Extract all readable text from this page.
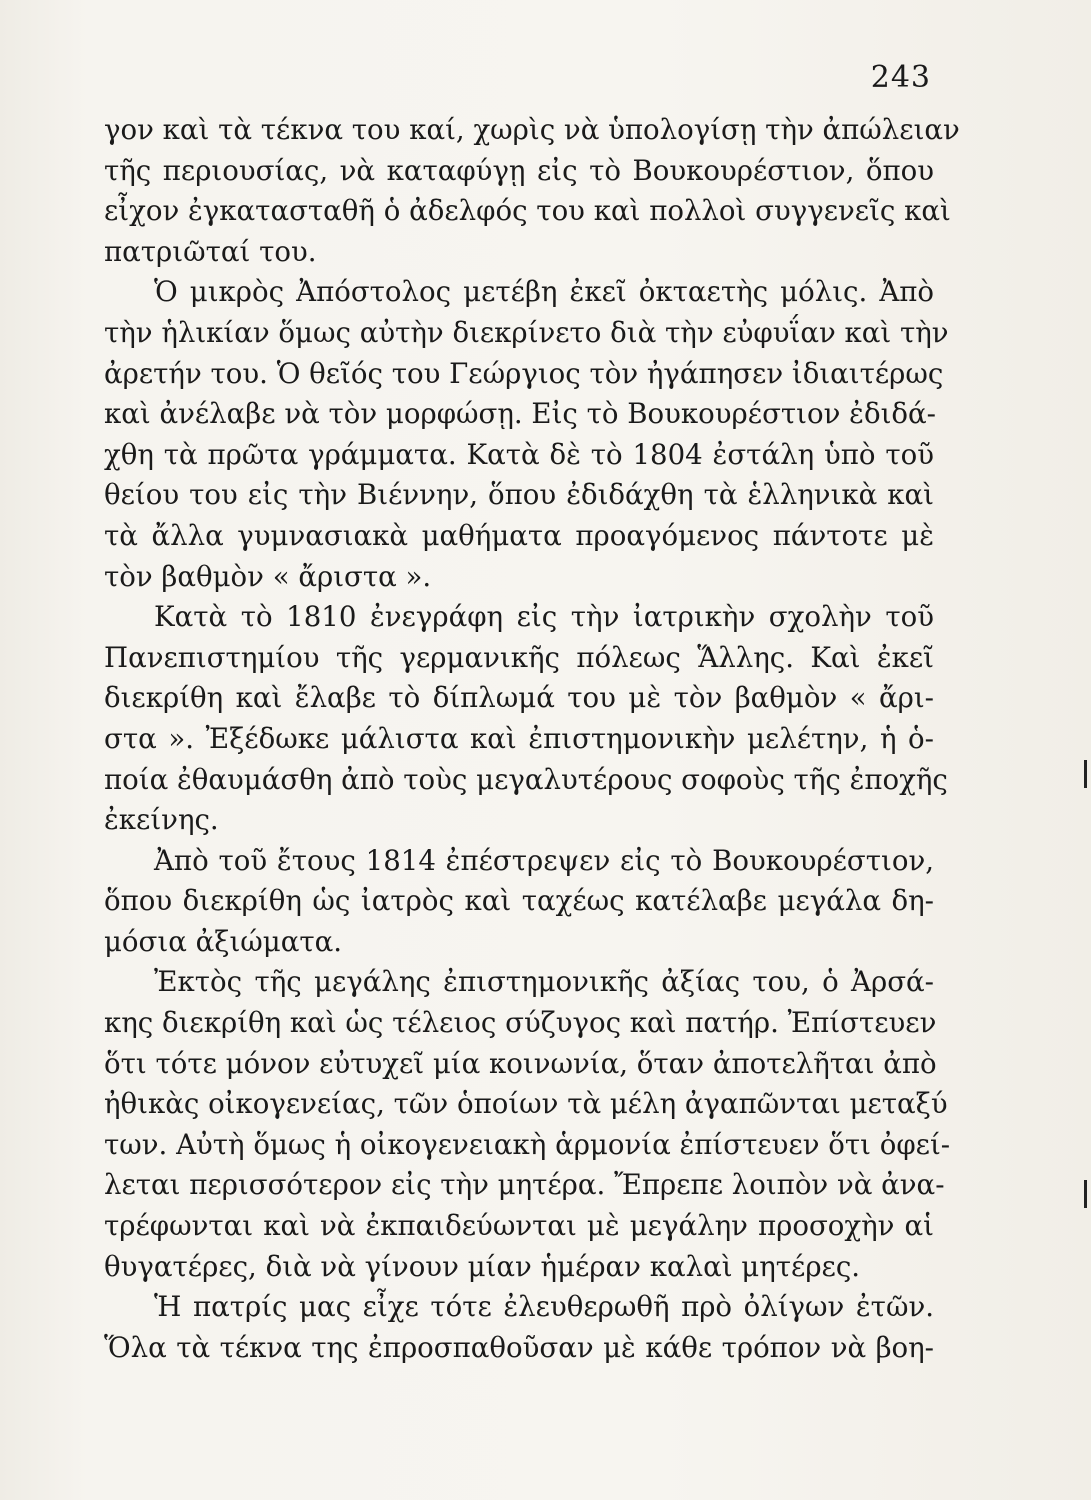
243
γον καὶ τὰ τέκνα του καί, χωρὶς νὰ ὑπολογίσῃ τὴν ἀπώλειαν
τῆς περιουσίας, νὰ καταφύγῃ εἰς τὸ Βουκουρέστιον, ὅπου
εἶχον ἐγκατασταθῆ ὁ ἀδελφός του καὶ πολλοὶ συγγενεῖς καὶ
πατριῶταί του.
Ὁ μικρὸς Ἀπόστολος μετέβη ἐκεῖ ὀκταετὴς μόλις. Ἀπὸ
τὴν ἡλικίαν ὅμως αὐτὴν διεκρίνετο διὰ τὴν εὐφυΐαν καὶ τὴν
ἀρετήν του. Ὁ θεῖός του Γεώργιος τὸν ἠγάπησεν ἰδιαιτέρως
καὶ ἀνέλαβε νὰ τὸν μορφώσῃ. Εἰς τὸ Βουκουρέστιον ἐδιδά-
χθη τὰ πρῶτα γράμματα. Κατὰ δὲ τὸ 1804 ἐστάλη ὑπὸ τοῦ
θείου του εἰς τὴν Βιέννην, ὅπου ἐδιδάχθη τὰ ἑλληνικὰ καὶ
τὰ ἄλλα γυμνασιακὰ μαθήματα προαγόμενος πάντοτε μὲ
τὸν βαθμὸν « ἄριστα ».
Κατὰ τὸ 1810 ἐνεγράφη εἰς τὴν ἰατρικὴν σχολὴν τοῦ
Πανεπιστημίου τῆς γερμανικῆς πόλεως Ἅλλης. Καὶ ἐκεῖ
διεκρίθη καὶ ἔλαβε τὸ δίπλωμά του μὲ τὸν βαθμὸν « ἄρι-
στα ». Ἐξέδωκε μάλιστα καὶ ἐπιστημονικὴν μελέτην, ἡ ὁ-
ποία ἐθαυμάσθη ἀπὸ τοὺς μεγαλυτέρους σοφοὺς τῆς ἐποχῆς
ἐκείνης.
Ἀπὸ τοῦ ἔτους 1814 ἐπέστρεψεν εἰς τὸ Βουκουρέστιον,
ὅπου διεκρίθη ὡς ἰατρὸς καὶ ταχέως κατέλαβε μεγάλα δη-
μόσια ἀξιώματα.
Ἐκτὸς τῆς μεγάλης ἐπιστημονικῆς ἀξίας του, ὁ Ἀρσά-
κης διεκρίθη καὶ ὡς τέλειος σύζυγος καὶ πατήρ. Ἐπίστευεν
ὅτι τότε μόνον εὐτυχεῖ μία κοινωνία, ὅταν ἀποτελῆται ἀπὸ
ἠθικὰς οἰκογενείας, τῶν ὁποίων τὰ μέλη ἀγαπῶνται μεταξύ
των. Αὐτὴ ὅμως ἡ οἰκογενειακὴ ἁρμονία ἐπίστευεν ὅτι ὀφεί-
λεται περισσότερον εἰς τὴν μητέρα. Ἔπρεπε λοιπὸν νὰ ἀνα-
τρέφωνται καὶ νὰ ἐκπαιδεύωνται μὲ μεγάλην προσοχὴν αἱ
θυγατέρες, διὰ νὰ γίνουν μίαν ἡμέραν καλαὶ μητέρες.
Ἡ πατρίς μας εἶχε τότε ἐλευθερωθῆ πρὸ ὀλίγων ἐτῶν.
Ὅλα τὰ τέκνα της ἐπροσπαθοῦσαν μὲ κάθε τρόπον νὰ βοη-
